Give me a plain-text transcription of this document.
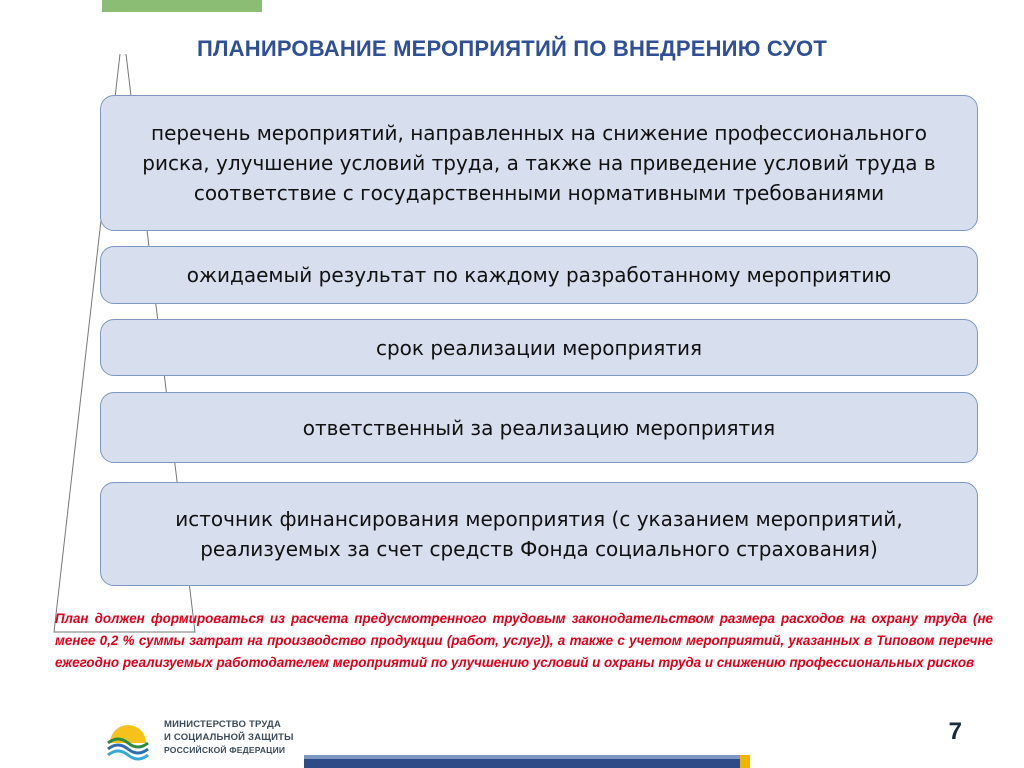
ПЛАНИРОВАНИЕ МЕРОПРИЯТИЙ ПО ВНЕДРЕНИЮ СУОТ
перечень мероприятий, направленных на снижение профессионального риска, улучшение условий труда, а также на приведение условий труда в соответствие с государственными нормативными требованиями
ожидаемый результат по каждому разработанному мероприятию
срок реализации мероприятия
ответственный за реализацию мероприятия
источник финансирования мероприятия (с указанием мероприятий, реализуемых за счет средств Фонда социального страхования)
План должен формироваться из расчета предусмотренного трудовым законодательством размера расходов на охрану труда (не менее 0,2 % суммы затрат на производство продукции (работ, услуг)), а также с учетом мероприятий, указанных в Типовом перечне ежегодно реализуемых работодателем мероприятий по улучшению условий и охраны труда и снижению профессиональных рисков
МИНИСТЕРСТВО ТРУДА
И СОЦИАЛЬНОЙ ЗАЩИТЫ
РОССИЙСКОЙ ФЕДЕРАЦИИ
7
